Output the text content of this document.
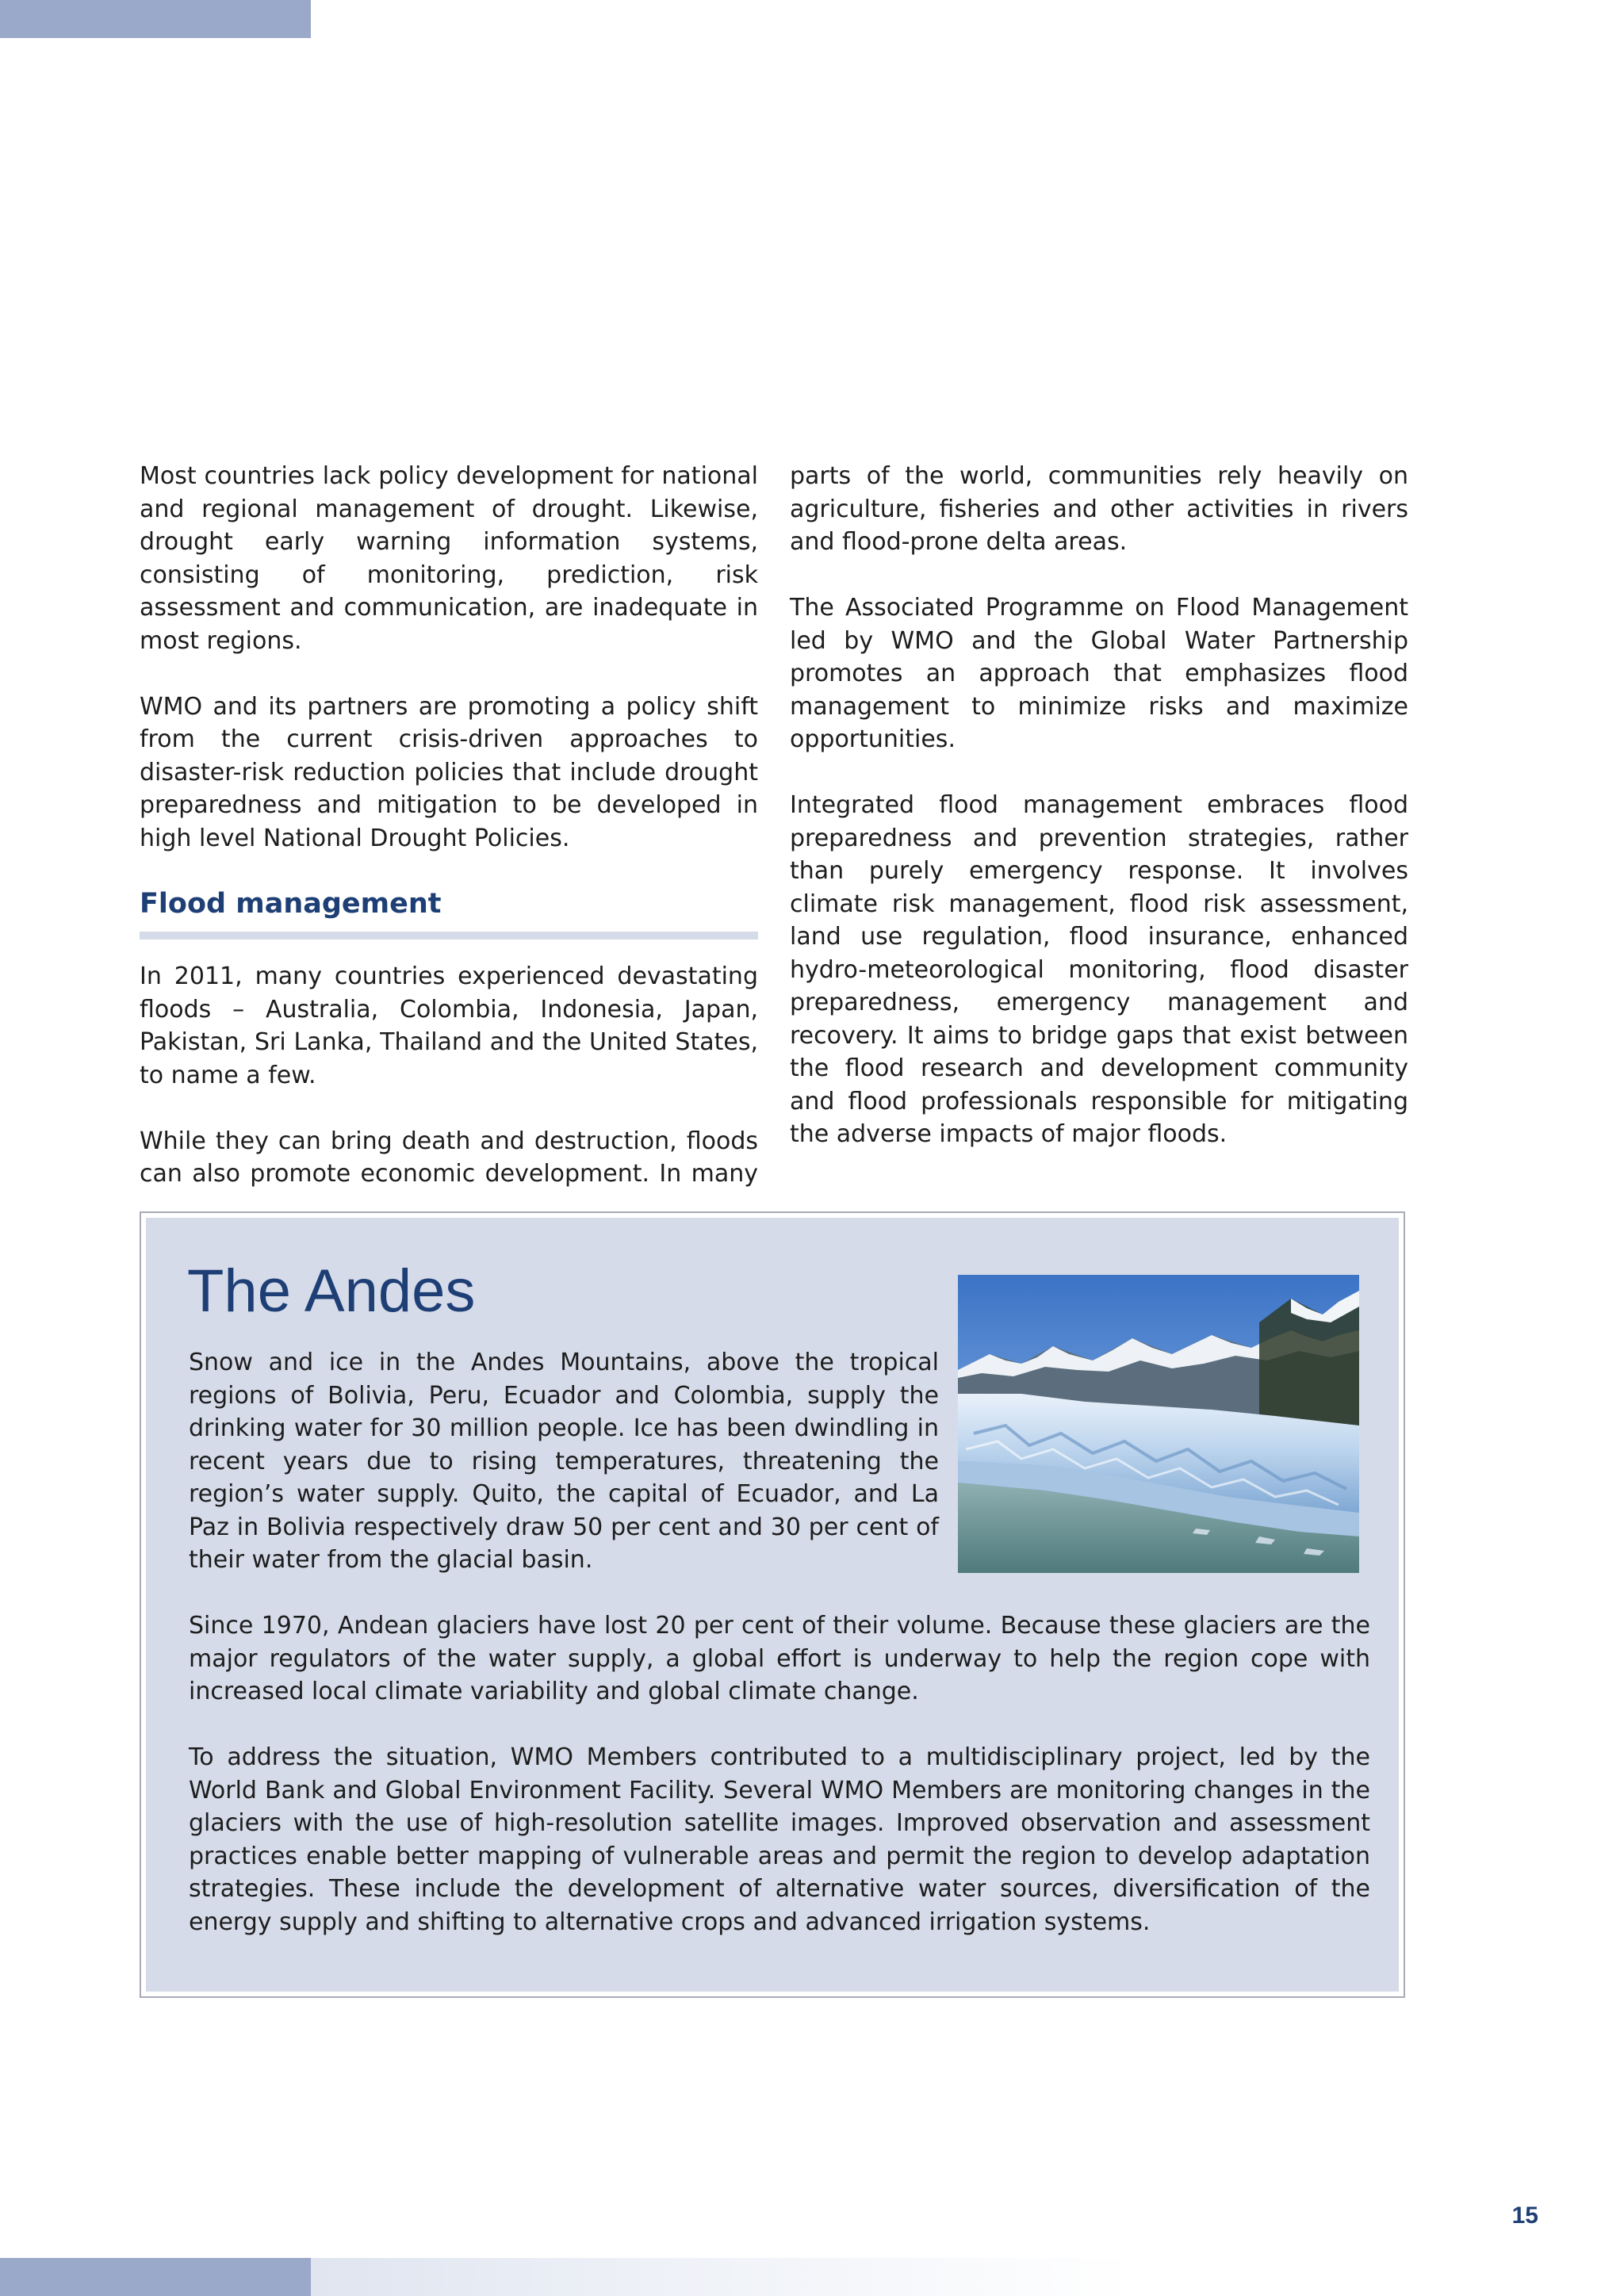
Most countries lack policy development for national and regional management of drought. Likewise, drought early warning information systems, consisting of monitoring, prediction, risk assessment and communication, are inadequate in most regions.

WMO and its partners are promoting a policy shift from the current crisis-driven approaches to disaster-risk reduction policies that include drought preparedness and mitigation to be developed in high level National Drought Policies.

Flood management

In 2011, many countries experienced devastating floods – Australia, Colombia, Indonesia, Japan, Pakistan, Sri Lanka, Thailand and the United States, to name a few.

While they can bring death and destruction, floods can also promote economic development. In many

parts of the world, communities rely heavily on agriculture, fisheries and other activities in rivers and flood-prone delta areas.

The Associated Programme on Flood Management led by WMO and the Global Water Partnership promotes an approach that emphasizes flood management to minimize risks and maximize opportunities.

Integrated flood management embraces flood preparedness and prevention strategies, rather than purely emergency response. It involves climate risk management, flood risk assessment, land use regulation, flood insurance, enhanced hydro-meteorological monitoring, flood disaster preparedness, emergency management and recovery. It aims to bridge gaps that exist between the flood research and development community and flood professionals responsible for mitigating the adverse impacts of major floods.

The Andes

Snow and ice in the Andes Mountains, above the tropical regions of Bolivia, Peru, Ecuador and Colombia, supply the drinking water for 30 million people. Ice has been dwindling in recent years due to rising temperatures, threatening the region’s water supply. Quito, the capital of Ecuador, and La Paz in Bolivia respectively draw 50 per cent and 30 per cent of their water from the glacial basin.

Since 1970, Andean glaciers have lost 20 per cent of their volume. Because these glaciers are the major regulators of the water supply, a global effort is underway to help the region cope with increased local climate variability and global climate change.

To address the situation, WMO Members contributed to a multidisciplinary project, led by the World Bank and Global Environment Facility. Several WMO Members are monitoring changes in the glaciers with the use of high-resolution satellite images. Improved observation and assessment practices enable better mapping of vulnerable areas and permit the region to develop adaptation strategies. These include the development of alternative water sources, diversification of the energy supply and shifting to alternative crops and advanced irrigation systems.

15
